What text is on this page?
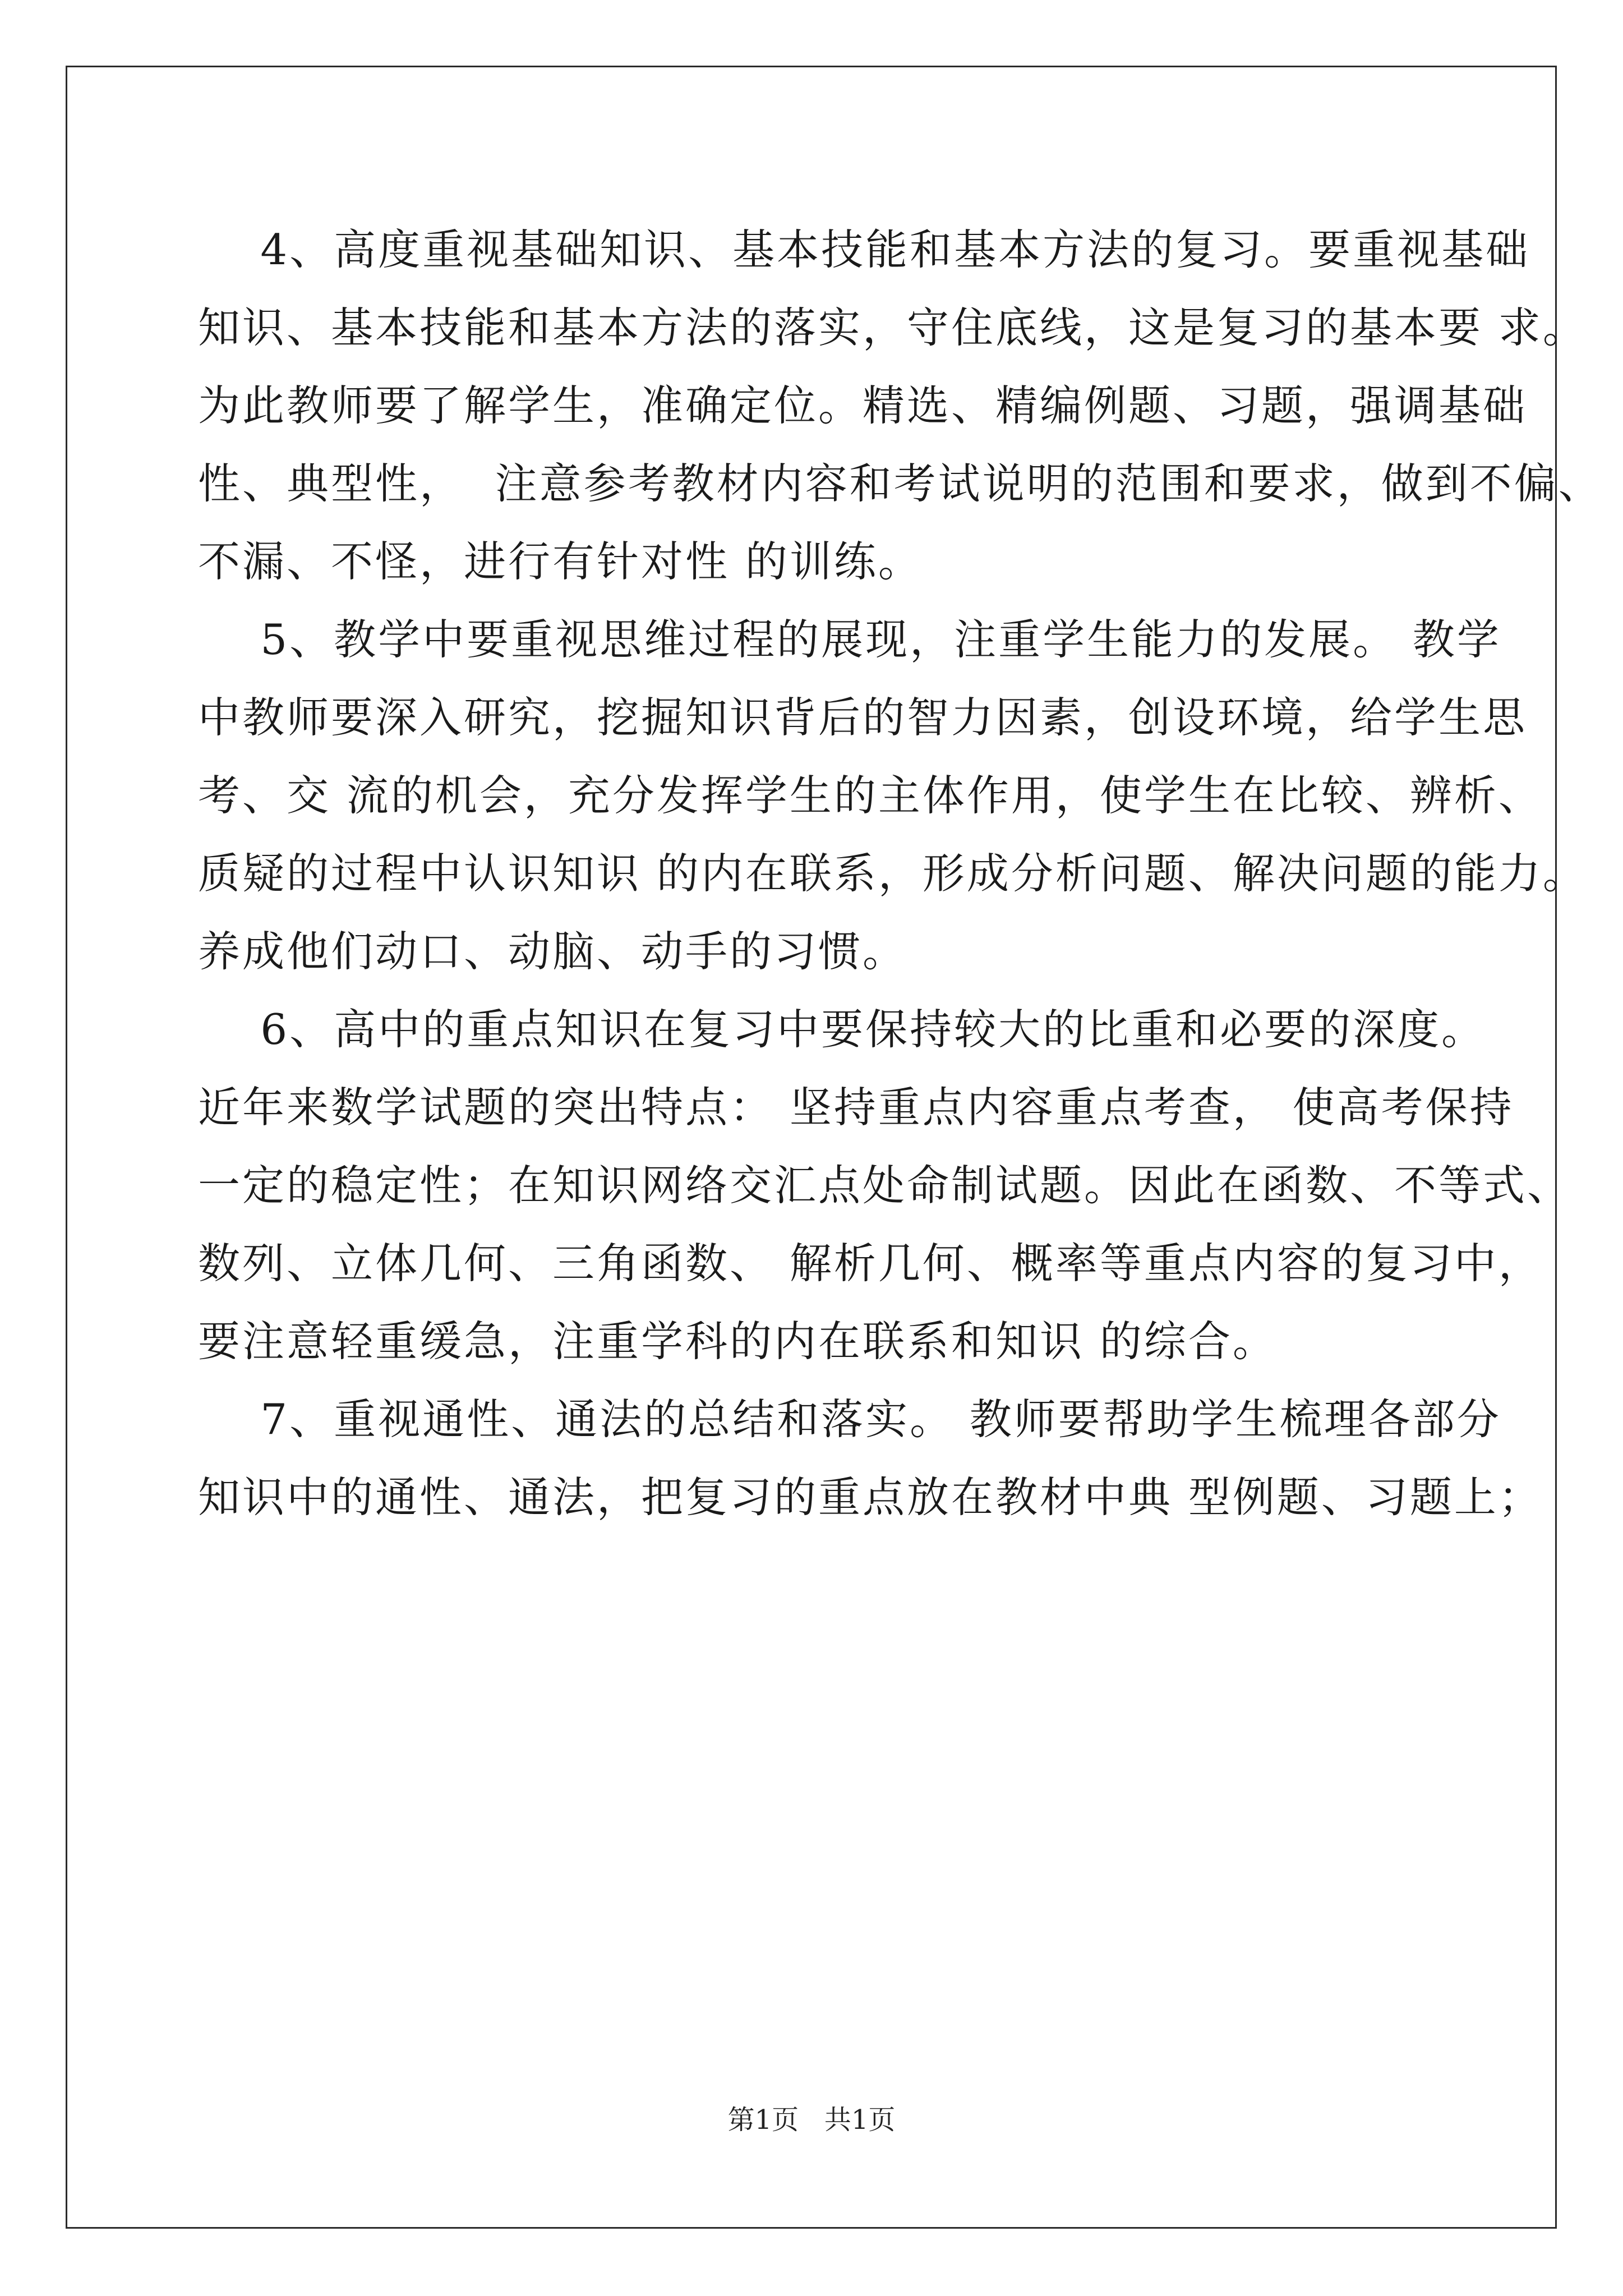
4、高度重视基础知识、基本技能和基本方法的复习。要重视基础
知识、基本技能和基本方法的落实，守住底线，这是复习的基本要 求。
为此教师要了解学生，准确定位。精选、精编例题、习题，强调基础
性、典型性，  注意参考教材内容和考试说明的范围和要求，做到不偏、
不漏、不怪，进行有针对性 的训练。
5、教学中要重视思维过程的展现，注重学生能力的发展。 教学
中教师要深入研究，挖掘知识背后的智力因素，创设环境，给学生思
考、交 流的机会，充分发挥学生的主体作用，使学生在比较、辨析、
质疑的过程中认识知识 的内在联系，形成分析问题、解决问题的能力。
养成他们动口、动脑、动手的习惯。
6、高中的重点知识在复习中要保持较大的比重和必要的深度。
近年来数学试题的突出特点： 坚持重点内容重点考查， 使高考保持
一定的稳定性；在知识网络交汇点处命制试题。因此在函数、不等式、
数列、立体几何、三角函数、 解析几何、概率等重点内容的复习中，
要注意轻重缓急，注重学科的内在联系和知识 的综合。
7、重视通性、通法的总结和落实。 教师要帮助学生梳理各部分
知识中的通性、通法，把复习的重点放在教材中典 型例题、习题上；
第1页   共1页
